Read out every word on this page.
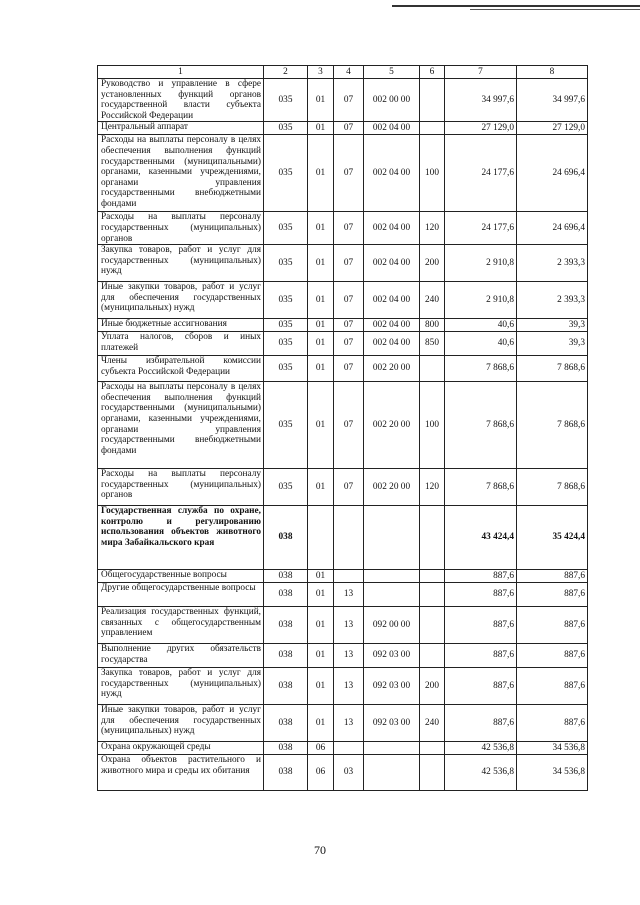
1	2	3	4	5	6	7	8
Руководство и управление в сфере установленных функций органов государственной власти субъекта Российской Федерации	035	01	07	002 00 00		34 997,6	34 997,6
Центральный аппарат	035	01	07	002 04 00		27 129,0	27 129,0
Расходы на выплаты персоналу в целях обеспечения выполнения функций государственными (муниципальными) органами, казенными учреждениями, органами управления государственными внебюджетными фондами	035	01	07	002 04 00	100	24 177,6	24 696,4
Расходы на выплаты персоналу государственных (муниципальных) органов	035	01	07	002 04 00	120	24 177,6	24 696,4
Закупка товаров, работ и услуг для государственных (муниципальных) нужд	035	01	07	002 04 00	200	2 910,8	2 393,3
Иные закупки товаров, работ и услуг для обеспечения государственных (муниципальных) нужд	035	01	07	002 04 00	240	2 910,8	2 393,3
Иные бюджетные ассигнования	035	01	07	002 04 00	800	40,6	39,3
Уплата налогов, сборов и иных платежей	035	01	07	002 04 00	850	40,6	39,3
Члены избирательной комиссии субъекта Российской Федерации	035	01	07	002 20 00		7 868,6	7 868,6
Расходы на выплаты персоналу в целях обеспечения выполнения функций государственными (муниципальными) органами, казенными учреждениями, органами управления государственными внебюджетными фондами	035	01	07	002 20 00	100	7 868,6	7 868,6
Расходы на выплаты персоналу государственных (муниципальных) органов	035	01	07	002 20 00	120	7 868,6	7 868,6
Государственная служба по охране, контролю и регулированию использования объектов животного мира Забайкальского края	038					43 424,4	35 424,4
Общегосударственные вопросы	038	01				887,6	887,6
Другие общегосударственные вопросы	038	01	13			887,6	887,6
Реализация государственных функций, связанных с общегосударственным управлением	038	01	13	092 00 00		887,6	887,6
Выполнение других обязательств государства	038	01	13	092 03 00		887,6	887,6
Закупка товаров, работ и услуг для государственных (муниципальных) нужд	038	01	13	092 03 00	200	887,6	887,6
Иные закупки товаров, работ и услуг для обеспечения государственных (муниципальных) нужд	038	01	13	092 03 00	240	887,6	887,6
Охрана окружающей среды	038	06				42 536,8	34 536,8
Охрана объектов растительного и животного мира и среды их обитания	038	06	03			42 536,8	34 536,8
70
